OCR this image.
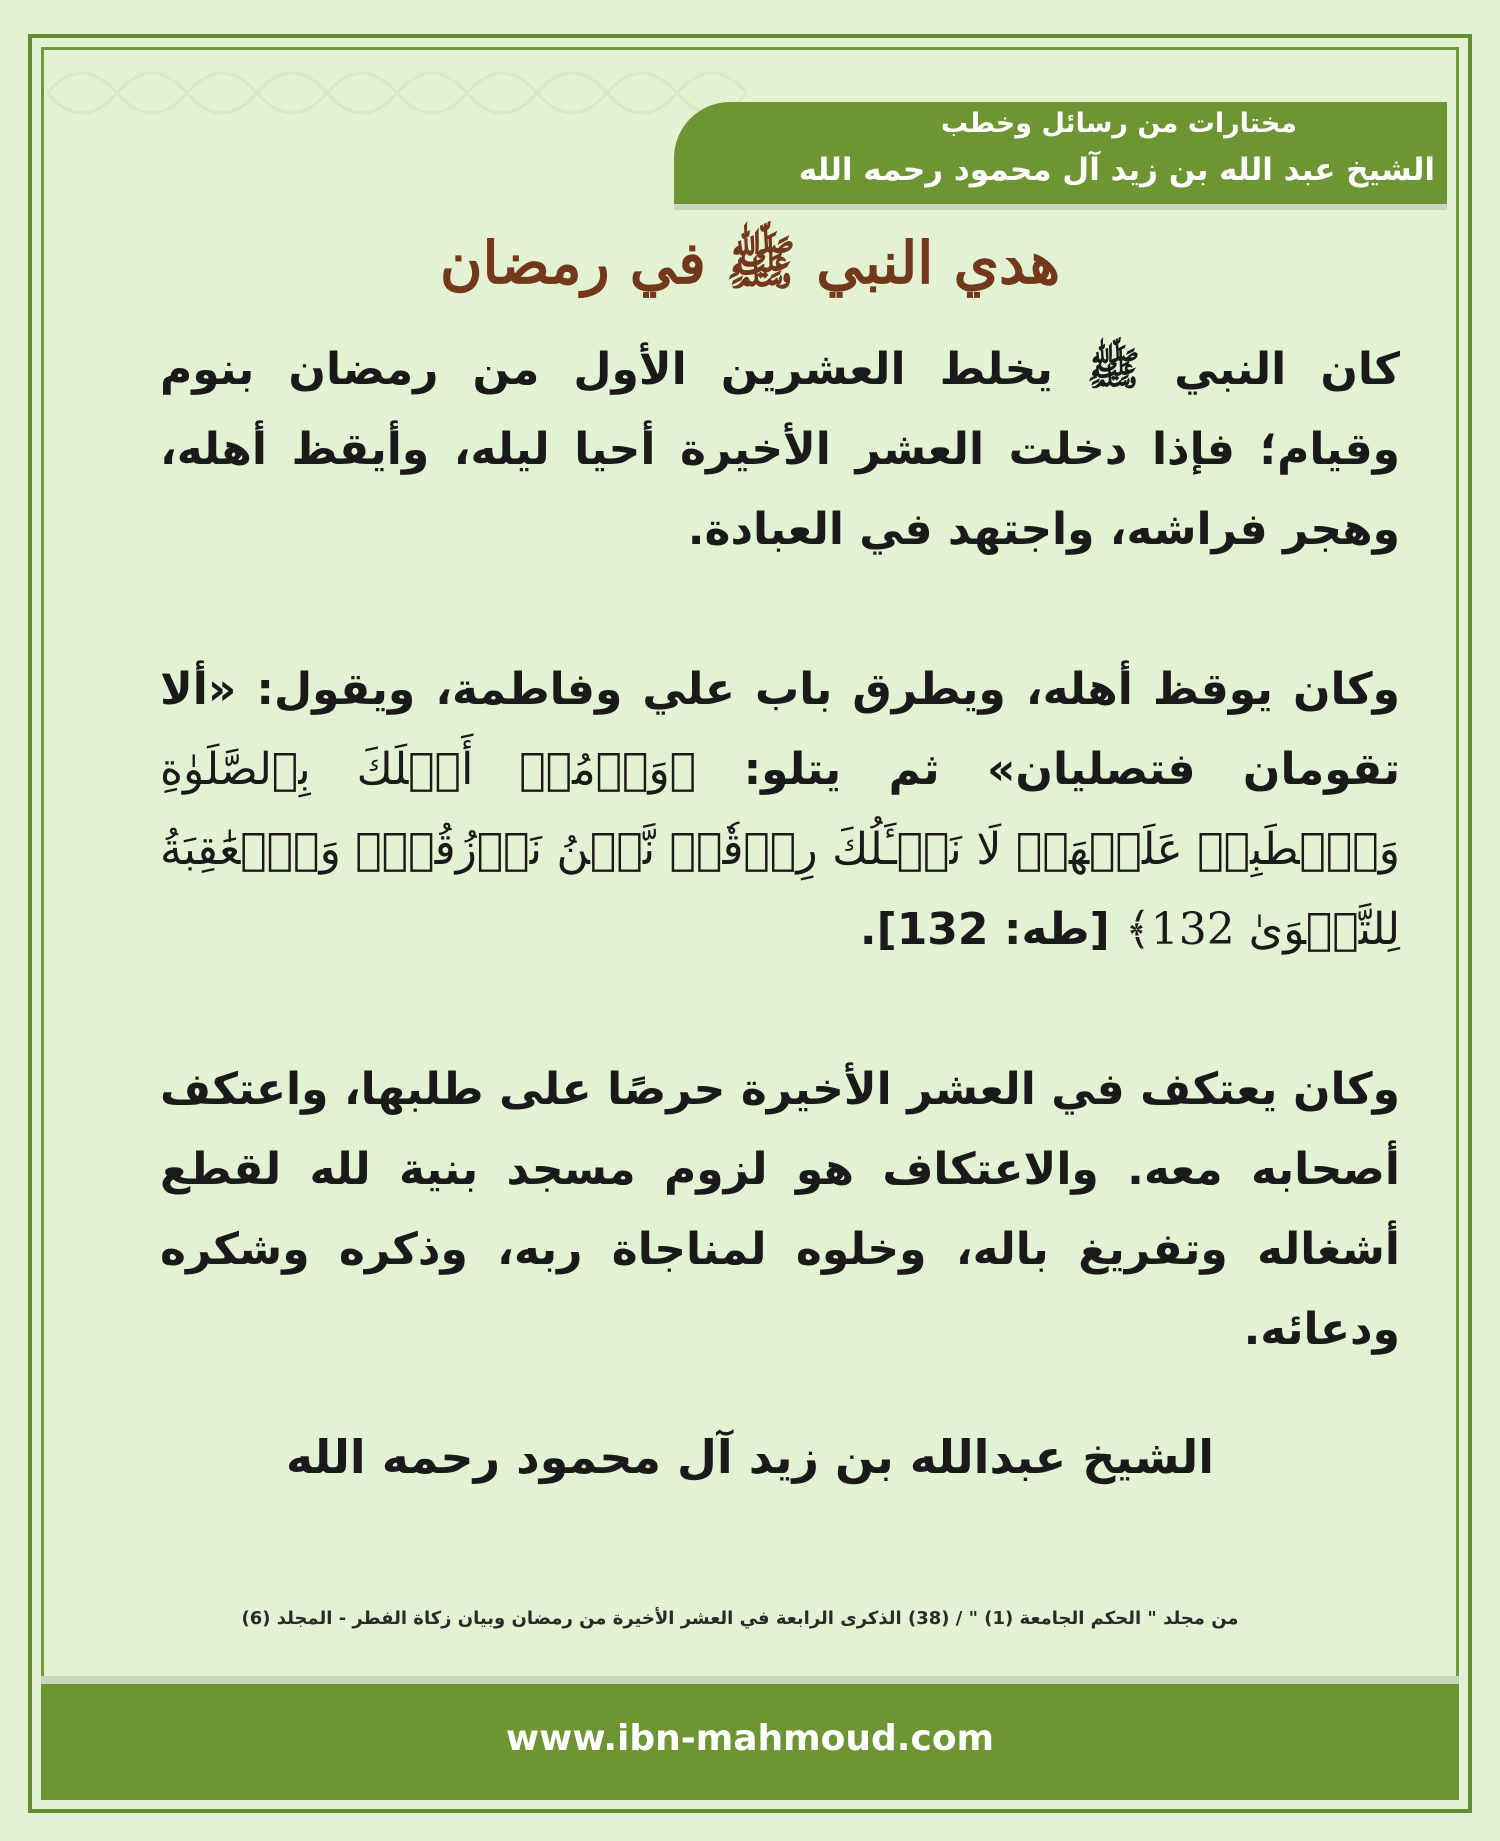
مختارات من رسائل وخطب
الشيخ عبد الله بن زيد آل محمود رحمه الله
هدي النبي ﷺ في رمضان

كان النبي ﷺ يخلط العشرين الأول من رمضان بنوم وقيام؛ فإذا دخلت العشر الأخيرة أحيا ليله، وأيقظ أهله، وهجر فراشه، واجتهد في العبادة.

وكان يوقظ أهله، ويطرق باب علي وفاطمة، ويقول: «ألا تقومان فتصليان» ثم يتلو: ﴿وَأۡمُرۡ أَهۡلَكَ بِٱلصَّلَوٰةِ وَٱصۡطَبِرۡ عَلَيۡهَاۖ لَا نَسۡـَٔلُكَ رِزۡقٗاۖ نَّحۡنُ نَرۡزُقُكَۗ وَٱلۡعَٰقِبَةُ لِلتَّقۡوَىٰ 132﴾ [طه: 132].

وكان يعتكف في العشر الأخيرة حرصًا على طلبها، واعتكف أصحابه معه. والاعتكاف هو لزوم مسجد بنية لله لقطع أشغاله وتفريغ باله، وخلوه لمناجاة ربه، وذكره وشكره ودعائه.

الشيخ عبدالله بن زيد آل محمود رحمه الله
من مجلد " الحكم الجامعة (1) " / (38) الذكرى الرابعة في العشر الأخيرة من رمضان وبيان زكاة الفطر - المجلد (6)
www.ibn-mahmoud.com
